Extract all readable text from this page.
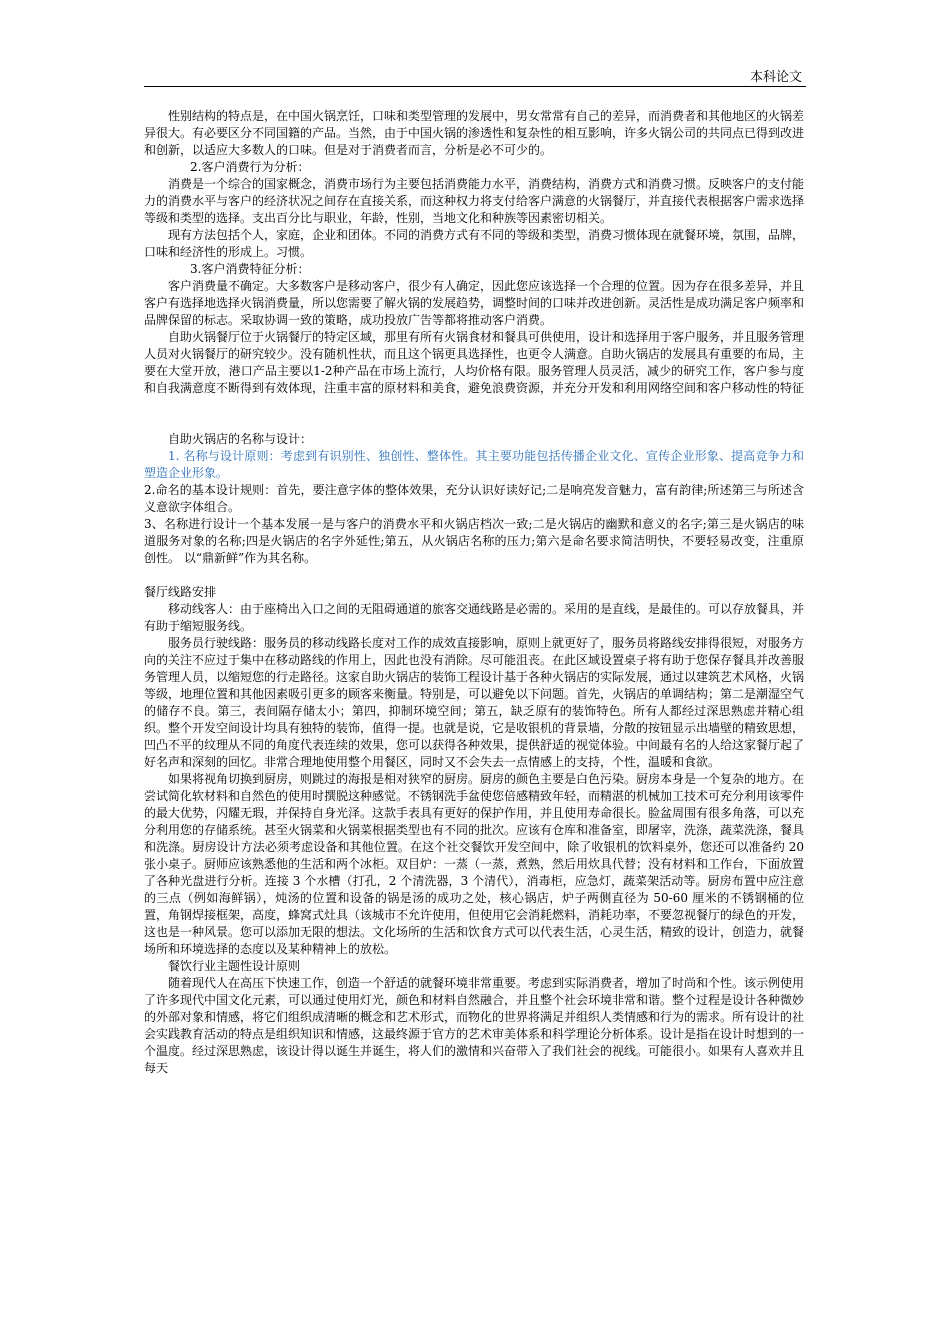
本科论文

性别结构的特点是，在中国火锅烹饪，口味和类型管理的发展中，男女常常有自己的差异，而消费者和其他地区的火锅差异很大。有必要区分不同国籍的产品。当然，由于中国火锅的渗透性和复杂性的相互影响，许多火锅公司的共同点已得到改进和创新，以适应大多数人的口味。但是对于消费者而言，分析是必不可少的。

2.客户消费行为分析：

消费是一个综合的国家概念，消费市场行为主要包括消费能力水平，消费结构，消费方式和消费习惯。反映客户的支付能力的消费水平与客户的经济状况之间存在直接关系，而这种权力将支付给客户满意的火锅餐厅，并直接代表根据客户需求选择等级和类型的选择。支出百分比与职业，年龄，性别，当地文化和种族等因素密切相关。

现有方法包括个人，家庭，企业和团体。不同的消费方式有不同的等级和类型，消费习惯体现在就餐环境，氛围，品牌，口味和经济性的形成上。习惯。

3.客户消费特征分析：

客户消费量不确定。大多数客户是移动客户，很少有人确定，因此您应该选择一个合理的位置。因为存在很多差异，并且客户有选择地选择火锅消费量，所以您需要了解火锅的发展趋势，调整时间的口味并改进创新。灵活性是成功满足客户频率和品牌保留的标志。采取协调一致的策略，成功投放广告等都将推动客户消费。

自助火锅餐厅位于火锅餐厅的特定区域，那里有所有火锅食材和餐具可供使用，设计和选择用于客户服务，并且服务管理人员对火锅餐厅的研究较少。没有随机性状，而且这个锅更具选择性，也更令人满意。自助火锅店的发展具有重要的布局，主要在大堂开放，港口产品主要以1-2种产品在市场上流行，人均价格有限。服务管理人员灵活，减少的研究工作，客户参与度和自我满意度不断得到有效体现，注重丰富的原材料和美食，避免浪费资源，并充分开发和利用网络空间和客户移动性的特征

自助火锅店的名称与设计：

1. 名称与设计原则：考虑到有识别性、独创性、整体性。其主要功能包括传播企业文化、宣传企业形象、提高竞争力和塑造企业形象。

2.命名的基本设计规则：首先，要注意字体的整体效果，充分认识好读好记;二是响亮发音魅力，富有韵律;所述第三与所述含义意欲字体组合。

3、名称进行设计一个基本发展一是与客户的消费水平和火锅店档次一致;二是火锅店的幽默和意义的名字;第三是火锅店的味道服务对象的名称;四是火锅店的名字外延性;第五，从火锅店名称的压力;第六是命名要求简洁明快，不要轻易改变，注重原创性。 以“鼎新鲜”作为其名称。

餐厅线路安排

移动线客人：由于座椅出入口之间的无阻碍通道的旅客交通线路是必需的。采用的是直线，是最佳的。可以存放餐具，并有助于缩短服务线。

服务员行驶线路：服务员的移动线路长度对工作的成效直接影响，原则上就更好了，服务员将路线安排得很短，对服务方向的关注不应过于集中在移动路线的作用上，因此也没有消除。尽可能沮丧。在此区域设置桌子将有助于您保存餐具并改善服务管理人员，以缩短您的行走路径。这家自助火锅店的装饰工程设计基于各种火锅店的实际发展，通过以建筑艺术风格，火锅等级，地理位置和其他因素吸引更多的顾客来衡量。特别是，可以避免以下问题。首先，火锅店的单调结构；第二是潮湿空气的储存不良。第三，表间隔存储太小；第四，抑制环境空间；第五，缺乏原有的装饰特色。所有人都经过深思熟虑并精心组织。整个开发空间设计均具有独特的装饰，值得一提。也就是说，它是收银机的背景墙，分散的按钮显示出墙壁的精致思想，凹凸不平的纹理从不同的角度代表连续的效果，您可以获得各种效果，提供舒适的视觉体验。中间最有名的人给这家餐厅起了好名声和深刻的回忆。非常合理地使用整个用餐区，同时又不会失去一点情感上的支持，个性，温暖和食欲。

如果将视角切换到厨房，则跳过的海报是相对狭窄的厨房。厨房的颜色主要是白色污染。厨房本身是一个复杂的地方。在尝试简化软材料和自然色的使用时撰脱这种感觉。不锈钢洗手盆使您倍感精致年轻，而精湛的机械加工技术可充分利用该零件的最大优势，闪耀无瑕，并保持自身光泽。这款手表具有更好的保护作用，并且使用寿命很长。脸盆周围有很多角落，可以充分利用您的存储系统。甚至火锅菜和火锅菜根据类型也有不同的批次。应该有仓库和准备室，即屠宰，洗涤，蔬菜洗涤，餐具和洗涤。厨房设计方法必须考虑设备和其他位置。在这个社交餐饮开发空间中，除了收银机的饮料桌外，您还可以准备约 20 张小桌子。厨师应该熟悉他的生活和两个冰柜。双目炉：一蒸（一蒸，煮熟，然后用炊具代替；没有材料和工作台，下面放置了各种光盘进行分析。连接 3 个水槽（打孔，2 个清洗器，3 个清代），消毒柜，应急灯，蔬菜架活动等。厨房布置中应注意的三点（例如海鲜锅），炖汤的位置和设备的锅是汤的成功之处，核心锅店，炉子两侧直径为 50-60 厘米的不锈钢桶的位置，角钢焊接框架，高度，蜂窝式灶具（该城市不允许使用，但使用它会消耗燃料，消耗功率，不要忽视餐厅的绿色的开发，这也是一种风景。您可以添加无限的想法。文化场所的生活和饮食方式可以代表生活，心灵生活，精致的设计，创造力，就餐场所和环境选择的态度以及某种精神上的放松。

餐饮行业主题性设计原则

随着现代人在高压下快速工作，创造一个舒适的就餐环境非常重要。考虑到实际消费者，增加了时尚和个性。该示例使用了许多现代中国文化元素，可以通过使用灯光，颜色和材料自然融合，并且整个社会环境非常和谐。整个过程是设计各种微妙的外部对象和情感，将它们组织成清晰的概念和艺术形式，而物化的世界将满足并组织人类情感和行为的需求。所有设计的社会实践教育活动的特点是组织知识和情感，这最终源于官方的艺术审美体系和科学理论分析体系。设计是指在设计时想到的一个温度。经过深思熟虑，该设计得以诞生并诞生，将人们的激情和兴奋带入了我们社会的视线。可能很小。如果有人喜欢并且每天
